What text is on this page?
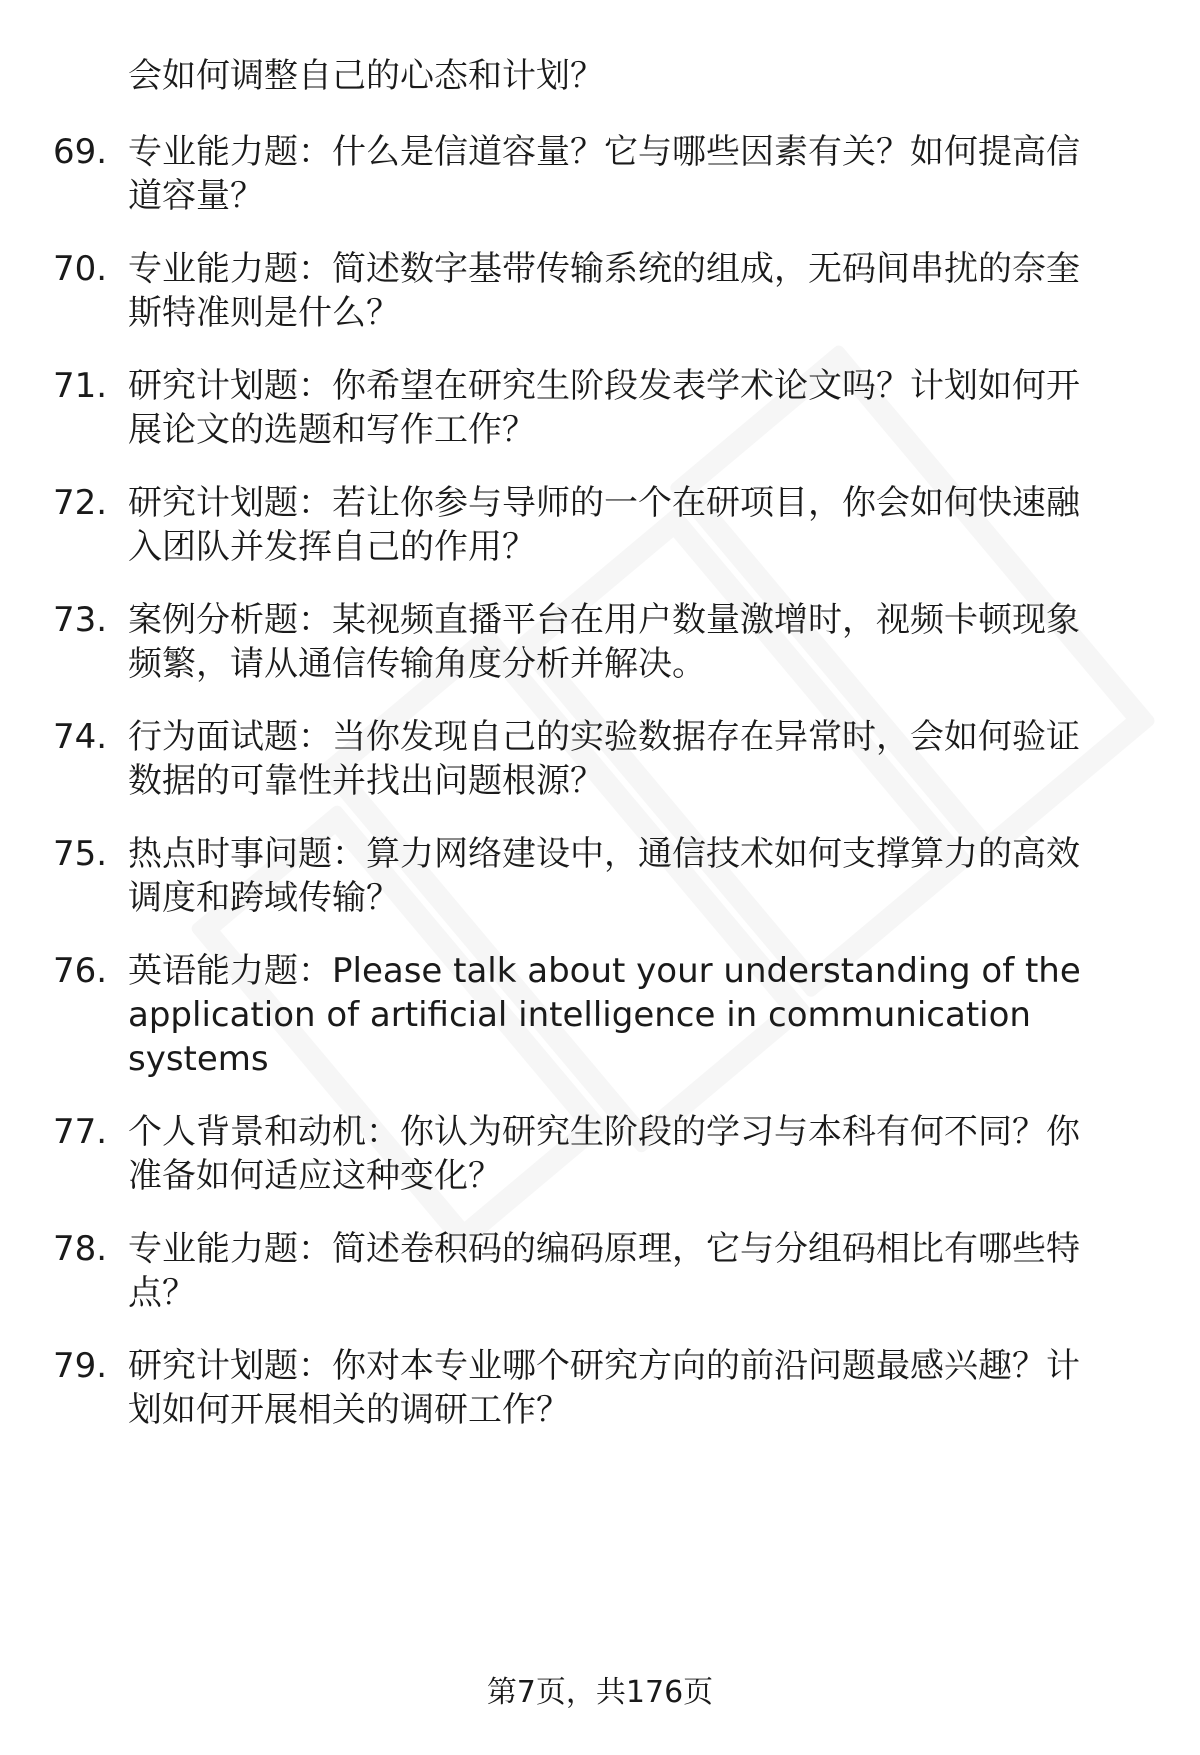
会如何调整自己的心态和计划？
69. 专业能力题：什么是信道容量？它与哪些因素有关？如何提高信
道容量？
70. 专业能力题：简述数字基带传输系统的组成，无码间串扰的奈奎
斯特准则是什么？
71. 研究计划题：你希望在研究生阶段发表学术论文吗？计划如何开
展论文的选题和写作工作？
72. 研究计划题：若让你参与导师的一个在研项目，你会如何快速融
入团队并发挥自己的作用？
73. 案例分析题：某视频直播平台在用户数量激增时，视频卡顿现象
频繁，请从通信传输角度分析并解决。
74. 行为面试题：当你发现自己的实验数据存在异常时，会如何验证
数据的可靠性并找出问题根源？
75. 热点时事问题：算力网络建设中，通信技术如何支撑算力的高效
调度和跨域传输？
76. 英语能力题：Please talk about your understanding of the
application of artificial intelligence in communication
systems
77. 个人背景和动机：你认为研究生阶段的学习与本科有何不同？你
准备如何适应这种变化？
78. 专业能力题：简述卷积码的编码原理，它与分组码相比有哪些特
点？
79. 研究计划题：你对本专业哪个研究方向的前沿问题最感兴趣？计
划如何开展相关的调研工作？
第7页，共176页
